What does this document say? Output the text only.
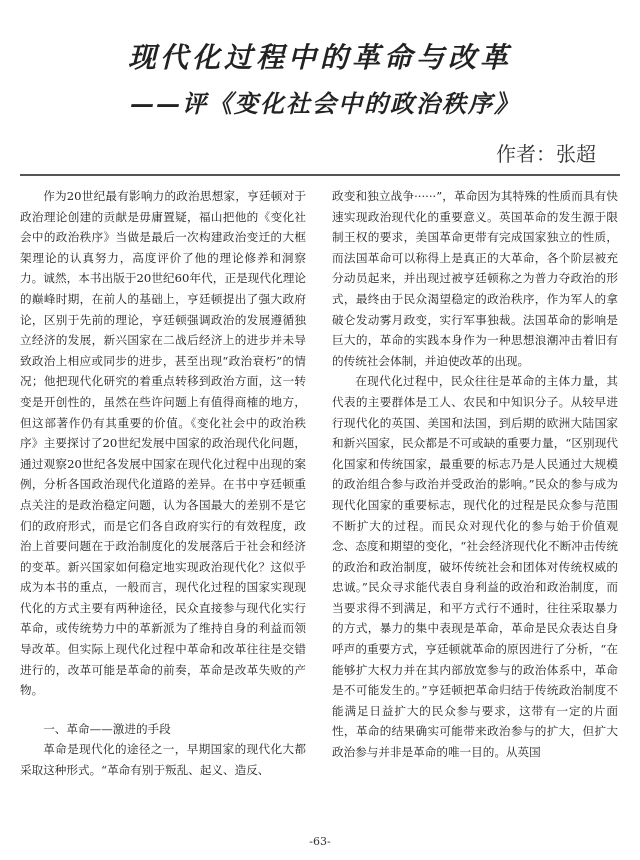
现代化过程中的革命与改革
——评《变化社会中的政治秩序》
作者：张超

作为20世纪最有影响力的政治思想家，亨廷顿对于政治理论创建的贡献是毋庸置疑，福山把他的《变化社会中的政治秩序》当做是最后一次构建政治变迁的大框架理论的认真努力，高度评价了他的理论修养和洞察力。诚然，本书出版于20世纪60年代，正是现代化理论的巅峰时期，在前人的基础上，亨廷顿提出了强大政府论，区别于先前的理论，亨廷顿强调政治的发展遵循独立经济的发展，新兴国家在二战后经济上的进步并未导致政治上相应或同步的进步，甚至出现“政治衰朽”的情况；他把现代化研究的着重点转移到政治方面，这一转变是开创性的，虽然在些许问题上有值得商榷的地方，但这部著作仍有其重要的价值。《变化社会中的政治秩序》主要探讨了20世纪发展中国家的政治现代化问题，通过观察20世纪各发展中国家在现代化过程中出现的案例，分析各国政治现代化道路的差异。在书中亨廷顿重点关注的是政治稳定问题，认为各国最大的差别不是它们的政府形式，而是它们各自政府实行的有效程度，政治上首要问题在于政治制度化的发展落后于社会和经济的变革。新兴国家如何稳定地实现政治现代化？这似乎成为本书的重点，一般而言，现代化过程的国家实现现代化的方式主要有两种途径，民众直接参与现代化实行革命，或传统势力中的革新派为了维持自身的利益而领导改革。但实际上现代化过程中革命和改革往往是交错进行的，改革可能是革命的前奏，革命是改革失败的产物。

一、革命——激进的手段

革命是现代化的途径之一，早期国家的现代化大都采取这种形式。“革命有别于叛乱、起义、造反、

政变和独立战争······”，革命因为其特殊的性质而具有快速实现政治现代化的重要意义。英国革命的发生源于限制王权的要求，美国革命更带有完成国家独立的性质，而法国革命可以称得上是真正的大革命，各个阶层被充分动员起来，并出现过被亨廷顿称之为普力夺政治的形式，最终由于民众渴望稳定的政治秩序，作为军人的拿破仑发动雾月政变，实行军事独裁。法国革命的影响是巨大的，革命的实践本身作为一种思想浪潮冲击着旧有的传统社会体制，并迫使改革的出现。

在现代化过程中，民众往往是革命的主体力量，其代表的主要群体是工人、农民和中知识分子。从较早进行现代化的英国、美国和法国，到后期的欧洲大陆国家和新兴国家，民众都是不可或缺的重要力量，“区别现代化国家和传统国家，最重要的标志乃是人民通过大规模的政治组合参与政治并受政治的影响。”民众的参与成为现代化国家的重要标志，现代化的过程是民众参与范围不断扩大的过程。而民众对现代化的参与始于价值观念、态度和期望的变化，“社会经济现代化不断冲击传统的政治和政治制度，破坏传统社会和团体对传统权威的忠诚。”民众寻求能代表自身利益的政治和政治制度，而当要求得不到满足，和平方式行不通时，往往采取暴力的方式，暴力的集中表现是革命，革命是民众表达自身呼声的重要方式，亨廷顿就革命的原因进行了分析，“在能够扩大权力并在其内部放宽参与的政治体系中，革命是不可能发生的。”亨廷顿把革命归结于传统政治制度不能满足日益扩大的民众参与要求，这带有一定的片面性，革命的结果确实可能带来政治参与的扩大，但扩大政治参与并非是革命的唯一目的。从英国

-63-
